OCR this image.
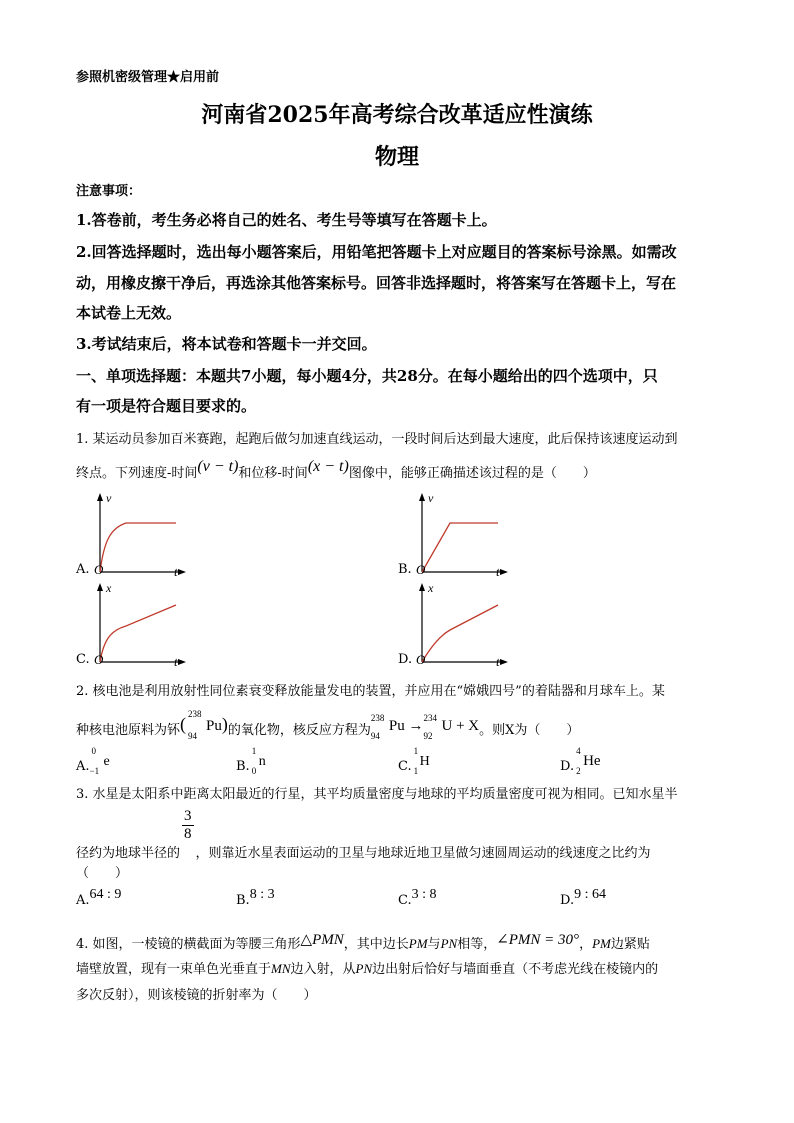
参照机密级管理★启用前
河南省2025年高考综合改革适应性演练
物理
注意事项：
1.答卷前，考生务必将自己的姓名、考生号等填写在答题卡上。
2.回答选择题时，选出每小题答案后，用铅笔把答题卡上对应题目的答案标号涂黑。如需改
动，用橡皮擦干净后，再选涂其他答案标号。回答非选择题时，将答案写在答题卡上，写在
本试卷上无效。
3.考试结束后，将本试卷和答题卡一并交回。
一、单项选择题：本题共7小题，每小题4分，共28分。在每小题给出的四个选项中，只
有一项是符合题目要求的。
1. 某运动员参加百米赛跑，起跑后做匀加速直线运动，一段时间后达到最大速度，此后保持该速度运动到
终点。下列速度-时间(v − t)和位移-时间(x − t)图像中，能够正确描述该过程的是（　　）
v
O	t
A.
v
O	t
B.
x
O	t
C.
x
O	t
D.
2. 核电池是利用放射性同位素衰变释放能量发电的装置，并应用在“嫦娥四号”的着陆器和月球车上。某
种核电池原料为钚( 238
94
Pu)的氧化物，核反应方程为
238
94
Pu → 234
92
U + X。则X为（　　）
A.
0
−1
e	B.
1
0
n	C.
1
1
H	D.
4
2
He
3. 水星是太阳系中距离太阳最近的行星，其平均质量密度与地球的平均质量密度可视为相同。已知水星半
径约为地球半径的
$\frac{3}{8}$
，则靠近水星表面运动的卫星与地球近地卫星做匀速圆周运动的线速度之比约为
（　　）
A.64 : 9	B.8 : 3	C.3 : 8	D.9 : 64
4. 如图，一棱镜的横截面为等腰三角形△PMN，其中边长PM与PN相等，∠PMN = 30°，PM边紧贴
墙壁放置，现有一束单色光垂直于MN边入射，从PN边出射后恰好与墙面垂直（不考虑光线在棱镜内的
多次反射），则该棱镜的折射率为（　　）
